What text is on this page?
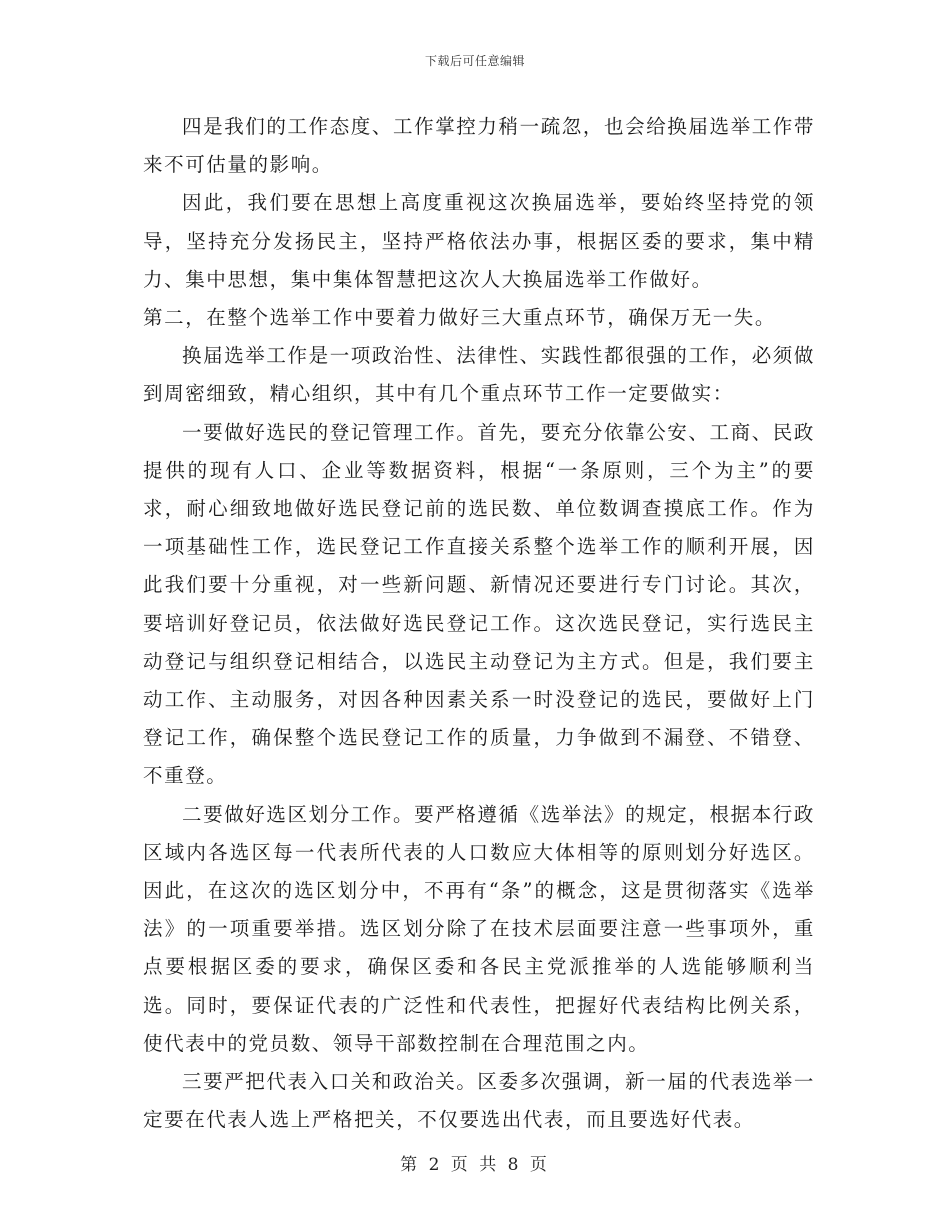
下载后可任意编辑

四是我们的工作态度、工作掌控力稍一疏忽，也会给换届选举工作带来不可估量的影响。

因此，我们要在思想上高度重视这次换届选举，要始终坚持党的领导，坚持充分发扬民主，坚持严格依法办事，根据区委的要求，集中精力、集中思想，集中集体智慧把这次人大换届选举工作做好。

第二，在整个选举工作中要着力做好三大重点环节，确保万无一失。

换届选举工作是一项政治性、法律性、实践性都很强的工作，必须做到周密细致，精心组织，其中有几个重点环节工作一定要做实：

一要做好选民的登记管理工作。首先，要充分依靠公安、工商、民政提供的现有人口、企业等数据资料，根据“一条原则，三个为主”的要求，耐心细致地做好选民登记前的选民数、单位数调查摸底工作。作为一项基础性工作，选民登记工作直接关系整个选举工作的顺利开展，因此我们要十分重视，对一些新问题、新情况还要进行专门讨论。其次，要培训好登记员，依法做好选民登记工作。这次选民登记，实行选民主动登记与组织登记相结合，以选民主动登记为主方式。但是，我们要主动工作、主动服务，对因各种因素关系一时没登记的选民，要做好上门登记工作，确保整个选民登记工作的质量，力争做到不漏登、不错登、不重登。

二要做好选区划分工作。要严格遵循《选举法》的规定，根据本行政区域内各选区每一代表所代表的人口数应大体相等的原则划分好选区。因此，在这次的选区划分中，不再有“条”的概念，这是贯彻落实《选举法》的一项重要举措。选区划分除了在技术层面要注意一些事项外，重点要根据区委的要求，确保区委和各民主党派推举的人选能够顺利当选。同时，要保证代表的广泛性和代表性，把握好代表结构比例关系，使代表中的党员数、领导干部数控制在合理范围之内。

三要严把代表入口关和政治关。区委多次强调，新一届的代表选举一定要在代表人选上严格把关，不仅要选出代表，而且要选好代表。

第 2 页 共 8 页
